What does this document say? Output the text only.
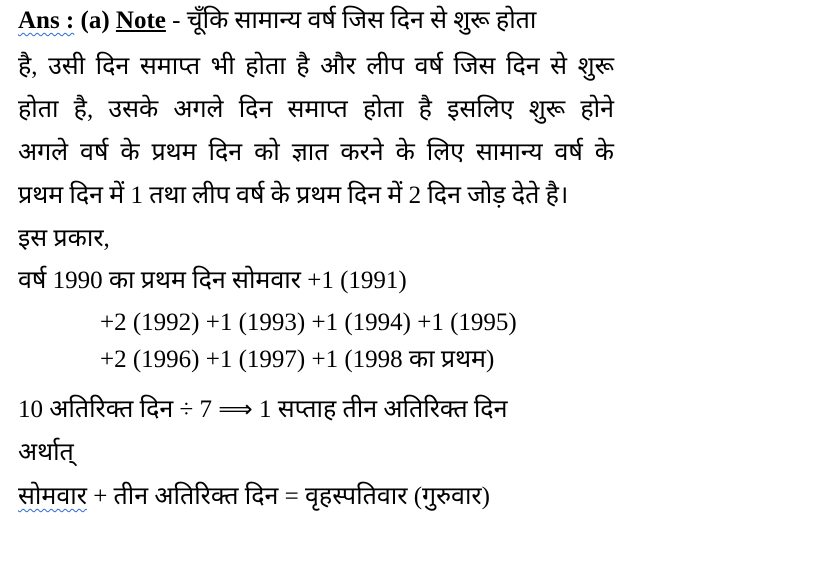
Ans : (a) Note - चूँकि सामान्य वर्ष जिस दिन से शुरू होता
है, उसी दिन समाप्त भी होता है और लीप वर्ष जिस दिन से शुरू
होता है, उसके अगले दिन समाप्त होता है इसलिए शुरू होने
अगले वर्ष के प्रथम दिन को ज्ञात करने के लिए सामान्य वर्ष के
प्रथम दिन में 1 तथा लीप वर्ष के प्रथम दिन में 2 दिन जोड़ देते है।
इस प्रकार,
वर्ष 1990 का प्रथम दिन सोमवार +1 (1991)
+2 (1992) +1 (1993) +1 (1994) +1 (1995)
+2 (1996) +1 (1997) +1 (1998 का प्रथम)
10 अतिरिक्त दिन ÷ 7 ⟹ 1 सप्ताह तीन अतिरिक्त दिन
अर्थात्
सोमवार + तीन अतिरिक्त दिन = वृहस्पतिवार (गुरुवार)
